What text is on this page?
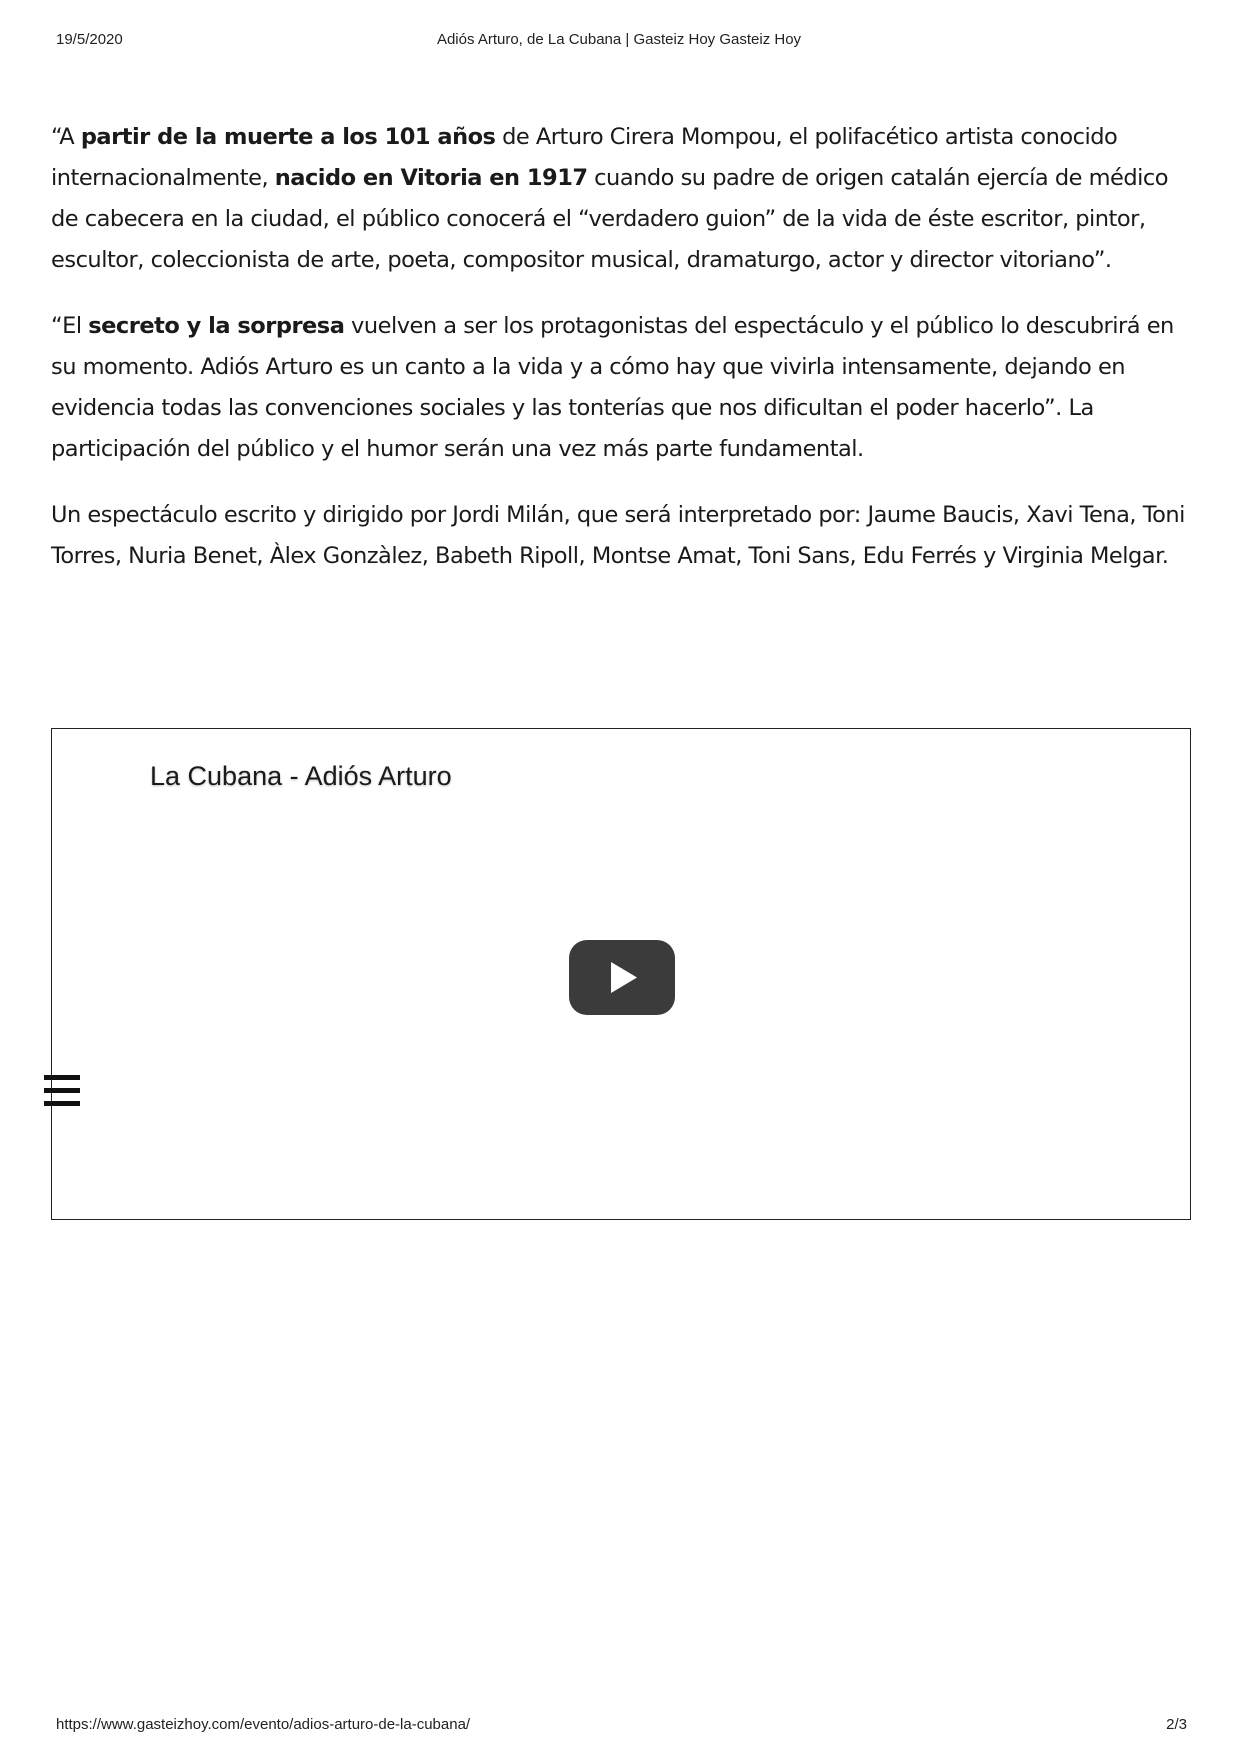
19/5/2020	Adiós Arturo, de La Cubana | Gasteiz Hoy Gasteiz Hoy

“A partir de la muerte a los 101 años de Arturo Cirera Mompou, el polifacético artista conocido internacionalmente, nacido en Vitoria en 1917 cuando su padre de origen catalán ejercía de médico de cabecera en la ciudad, el público conocerá el “verdadero guion” de la vida de éste escritor, pintor, escultor, coleccionista de arte, poeta, compositor musical, dramaturgo, actor y director vitoriano”.

“El secreto y la sorpresa vuelven a ser los protagonistas del espectáculo y el público lo descubrirá en su momento. Adiós Arturo es un canto a la vida y a cómo hay que vivirla intensamente, dejando en evidencia todas las convenciones sociales y las tonterías que nos dificultan el poder hacerlo”. La participación del público y el humor serán una vez más parte fundamental.

Un espectáculo escrito y dirigido por Jordi Milán, que será interpretado por: Jaume Baucis, Xavi Tena, Toni Torres, Nuria Benet, Àlex Gonzàlez, Babeth Ripoll, Montse Amat, Toni Sans, Edu Ferrés y Virginia Melgar.

La Cubana - Adiós Arturo
https://www.gasteizhoy.com/evento/adios-arturo-de-la-cubana/	2/3
